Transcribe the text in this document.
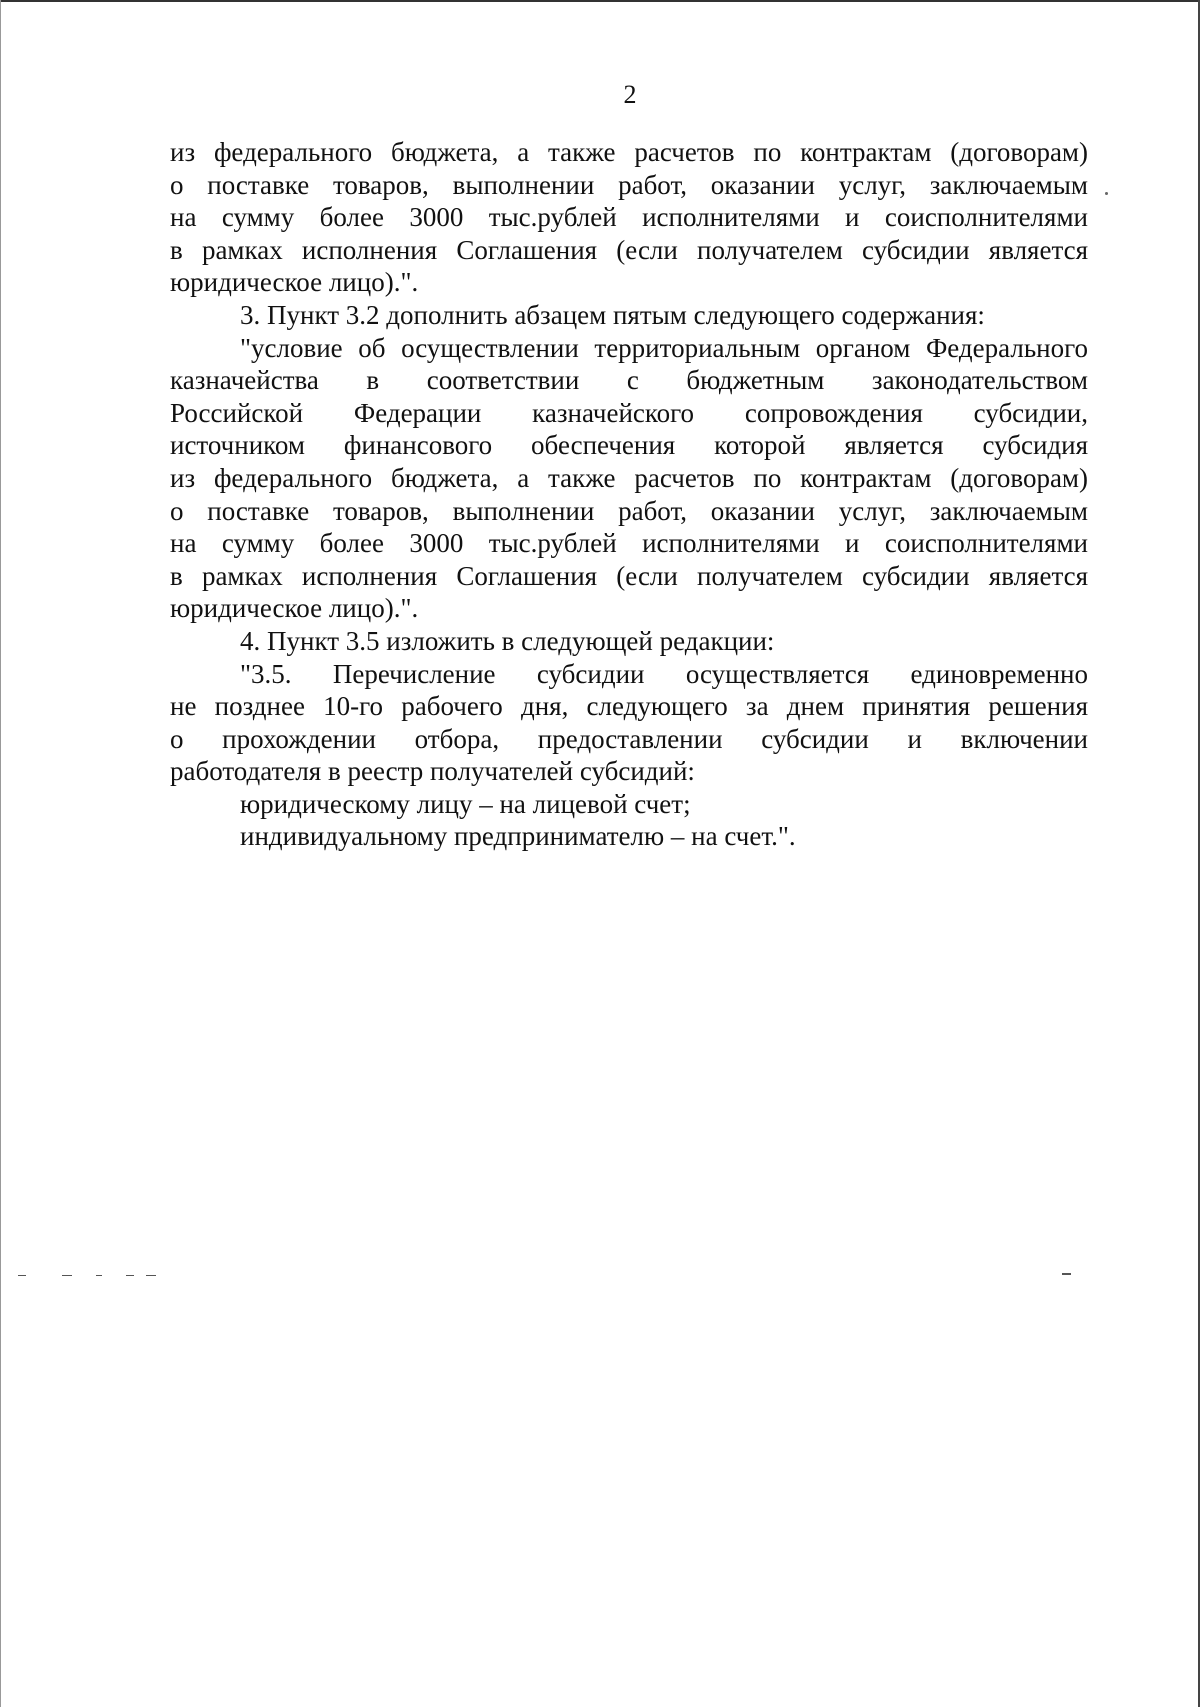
2
из федерального бюджета, а также расчетов по контрактам (договорам)
о поставке товаров, выполнении работ, оказании услуг, заключаемым
на сумму более 3000 тыс.рублей исполнителями и соисполнителями
в рамках исполнения Соглашения (если получателем субсидии является
юридическое лицо).".
3. Пункт 3.2 дополнить абзацем пятым следующего содержания:
"условие об осуществлении территориальным органом Федерального
казначейства в соответствии с бюджетным законодательством
Российской Федерации казначейского сопровождения субсидии,
источником финансового обеспечения которой является субсидия
из федерального бюджета, а также расчетов по контрактам (договорам)
о поставке товаров, выполнении работ, оказании услуг, заключаемым
на сумму более 3000 тыс.рублей исполнителями и соисполнителями
в рамках исполнения Соглашения (если получателем субсидии является
юридическое лицо).".
4. Пункт 3.5 изложить в следующей редакции:
"3.5. Перечисление субсидии осуществляется единовременно
не позднее 10-го рабочего дня, следующего за днем принятия решения
о прохождении отбора, предоставлении субсидии и включении
работодателя в реестр получателей субсидий:
юридическому лицу – на лицевой счет;
индивидуальному предпринимателю – на счет.".
